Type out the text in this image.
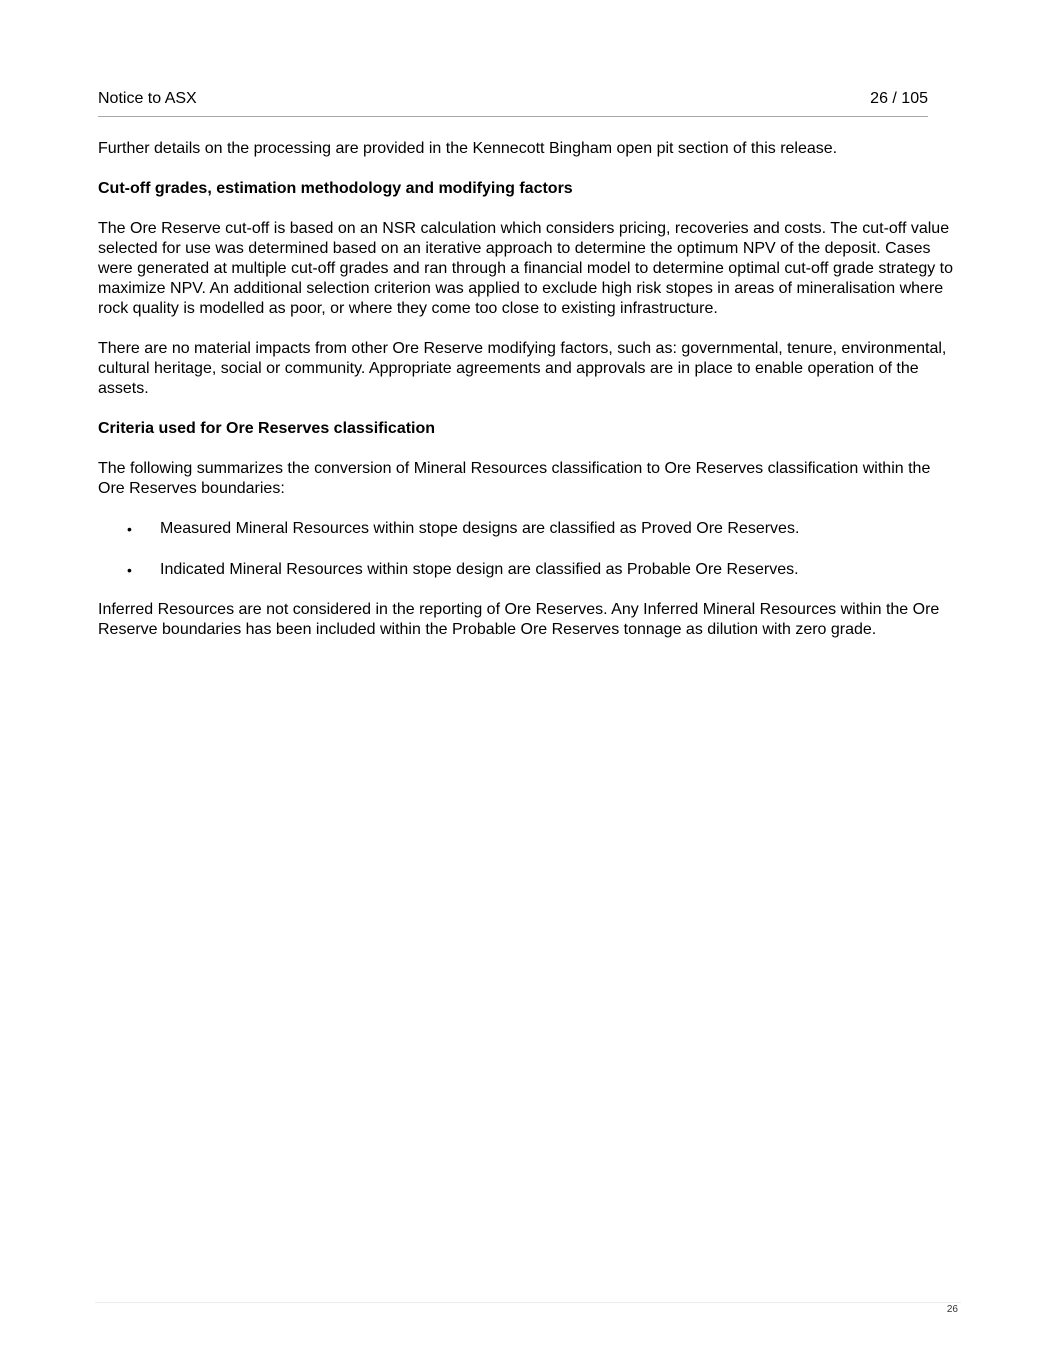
Notice to ASX	26 / 105

Further details on the processing are provided in the Kennecott Bingham open pit section of this release.

Cut-off grades, estimation methodology and modifying factors

The Ore Reserve cut-off is based on an NSR calculation which considers pricing, recoveries and costs. The cut-off value selected for use was determined based on an iterative approach to determine the optimum NPV of the deposit. Cases were generated at multiple cut-off grades and ran through a financial model to determine optimal cut-off grade strategy to maximize NPV. An additional selection criterion was applied to exclude high risk stopes in areas of mineralisation where rock quality is modelled as poor, or where they come too close to existing infrastructure.

There are no material impacts from other Ore Reserve modifying factors, such as: governmental, tenure, environmental, cultural heritage, social or community. Appropriate agreements and approvals are in place to enable operation of the assets.

Criteria used for Ore Reserves classification

The following summarizes the conversion of Mineral Resources classification to Ore Reserves classification within the Ore Reserves boundaries:

• Measured Mineral Resources within stope designs are classified as Proved Ore Reserves.
• Indicated Mineral Resources within stope design are classified as Probable Ore Reserves.

Inferred Resources are not considered in the reporting of Ore Reserves. Any Inferred Mineral Resources within the Ore Reserve boundaries has been included within the Probable Ore Reserves tonnage as dilution with zero grade.

26
